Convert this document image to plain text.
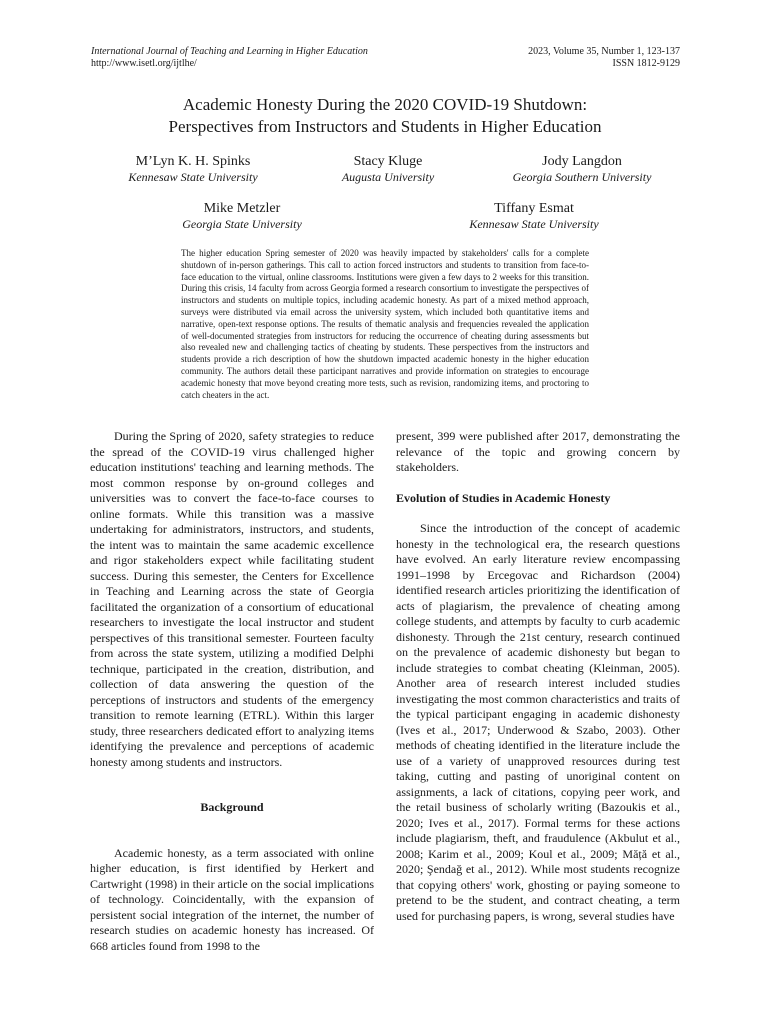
International Journal of Teaching and Learning in Higher Education
http://www.isetl.org/ijtlhe/
2023, Volume 35, Number 1, 123-137
ISSN 1812-9129
Academic Honesty During the 2020 COVID-19 Shutdown:
Perspectives from Instructors and Students in Higher Education
M’Lyn K. H. Spinks
Kennesaw State University
Stacy Kluge
Augusta University
Jody Langdon
Georgia Southern University
Mike Metzler
Georgia State University
Tiffany Esmat
Kennesaw State University
The higher education Spring semester of 2020 was heavily impacted by stakeholders' calls for a complete shutdown of in-person gatherings. This call to action forced instructors and students to transition from face-to-face education to the virtual, online classrooms. Institutions were given a few days to 2 weeks for this transition. During this crisis, 14 faculty from across Georgia formed a research consortium to investigate the perspectives of instructors and students on multiple topics, including academic honesty. As part of a mixed method approach, surveys were distributed via email across the university system, which included both quantitative items and narrative, open-text response options. The results of thematic analysis and frequencies revealed the application of well-documented strategies from instructors for reducing the occurrence of cheating during assessments but also revealed new and challenging tactics of cheating by students. These perspectives from the instructors and students provide a rich description of how the shutdown impacted academic honesty in the higher education community. The authors detail these participant narratives and provide information on strategies to encourage academic honesty that move beyond creating more tests, such as revision, randomizing items, and proctoring to catch cheaters in the act.

During the Spring of 2020, safety strategies to reduce the spread of the COVID-19 virus challenged higher education institutions' teaching and learning methods. The most common response by on-ground colleges and universities was to convert the face-to-face courses to online formats. While this transition was a massive undertaking for administrators, instructors, and students, the intent was to maintain the same academic excellence and rigor stakeholders expect while facilitating student success. During this semester, the Centers for Excellence in Teaching and Learning across the state of Georgia facilitated the organization of a consortium of educational researchers to investigate the local instructor and student perspectives of this transitional semester. Fourteen faculty from across the state system, utilizing a modified Delphi technique, participated in the creation, distribution, and collection of data answering the question of the perceptions of instructors and students of the emergency transition to remote learning (ETRL). Within this larger study, three researchers dedicated effort to analyzing items identifying the prevalence and perceptions of academic honesty among students and instructors.

Background

Academic honesty, as a term associated with online higher education, is first identified by Herkert and Cartwright (1998) in their article on the social implications of technology. Coincidentally, with the expansion of persistent social integration of the internet, the number of research studies on academic honesty has increased. Of 668 articles found from 1998 to the

present, 399 were published after 2017, demonstrating the relevance of the topic and growing concern by stakeholders.

Evolution of Studies in Academic Honesty

Since the introduction of the concept of academic honesty in the technological era, the research questions have evolved. An early literature review encompassing 1991–1998 by Ercegovac and Richardson (2004) identified research articles prioritizing the identification of acts of plagiarism, the prevalence of cheating among college students, and attempts by faculty to curb academic dishonesty. Through the 21st century, research continued on the prevalence of academic dishonesty but began to include strategies to combat cheating (Kleinman, 2005). Another area of research interest included studies investigating the most common characteristics and traits of the typical participant engaging in academic dishonesty (Ives et al., 2017; Underwood & Szabo, 2003). Other methods of cheating identified in the literature include the use of a variety of unapproved resources during test taking, cutting and pasting of unoriginal content on assignments, a lack of citations, copying peer work, and the retail business of scholarly writing (Bazoukis et al., 2020; Ives et al., 2017). Formal terms for these actions include plagiarism, theft, and fraudulence (Akbulut et al., 2008; Karim et al., 2009; Koul et al., 2009; Măță et al., 2020; Şendağ et al., 2012). While most students recognize that copying others' work, ghosting or paying someone to pretend to be the student, and contract cheating, a term used for purchasing papers, is wrong, several studies have
